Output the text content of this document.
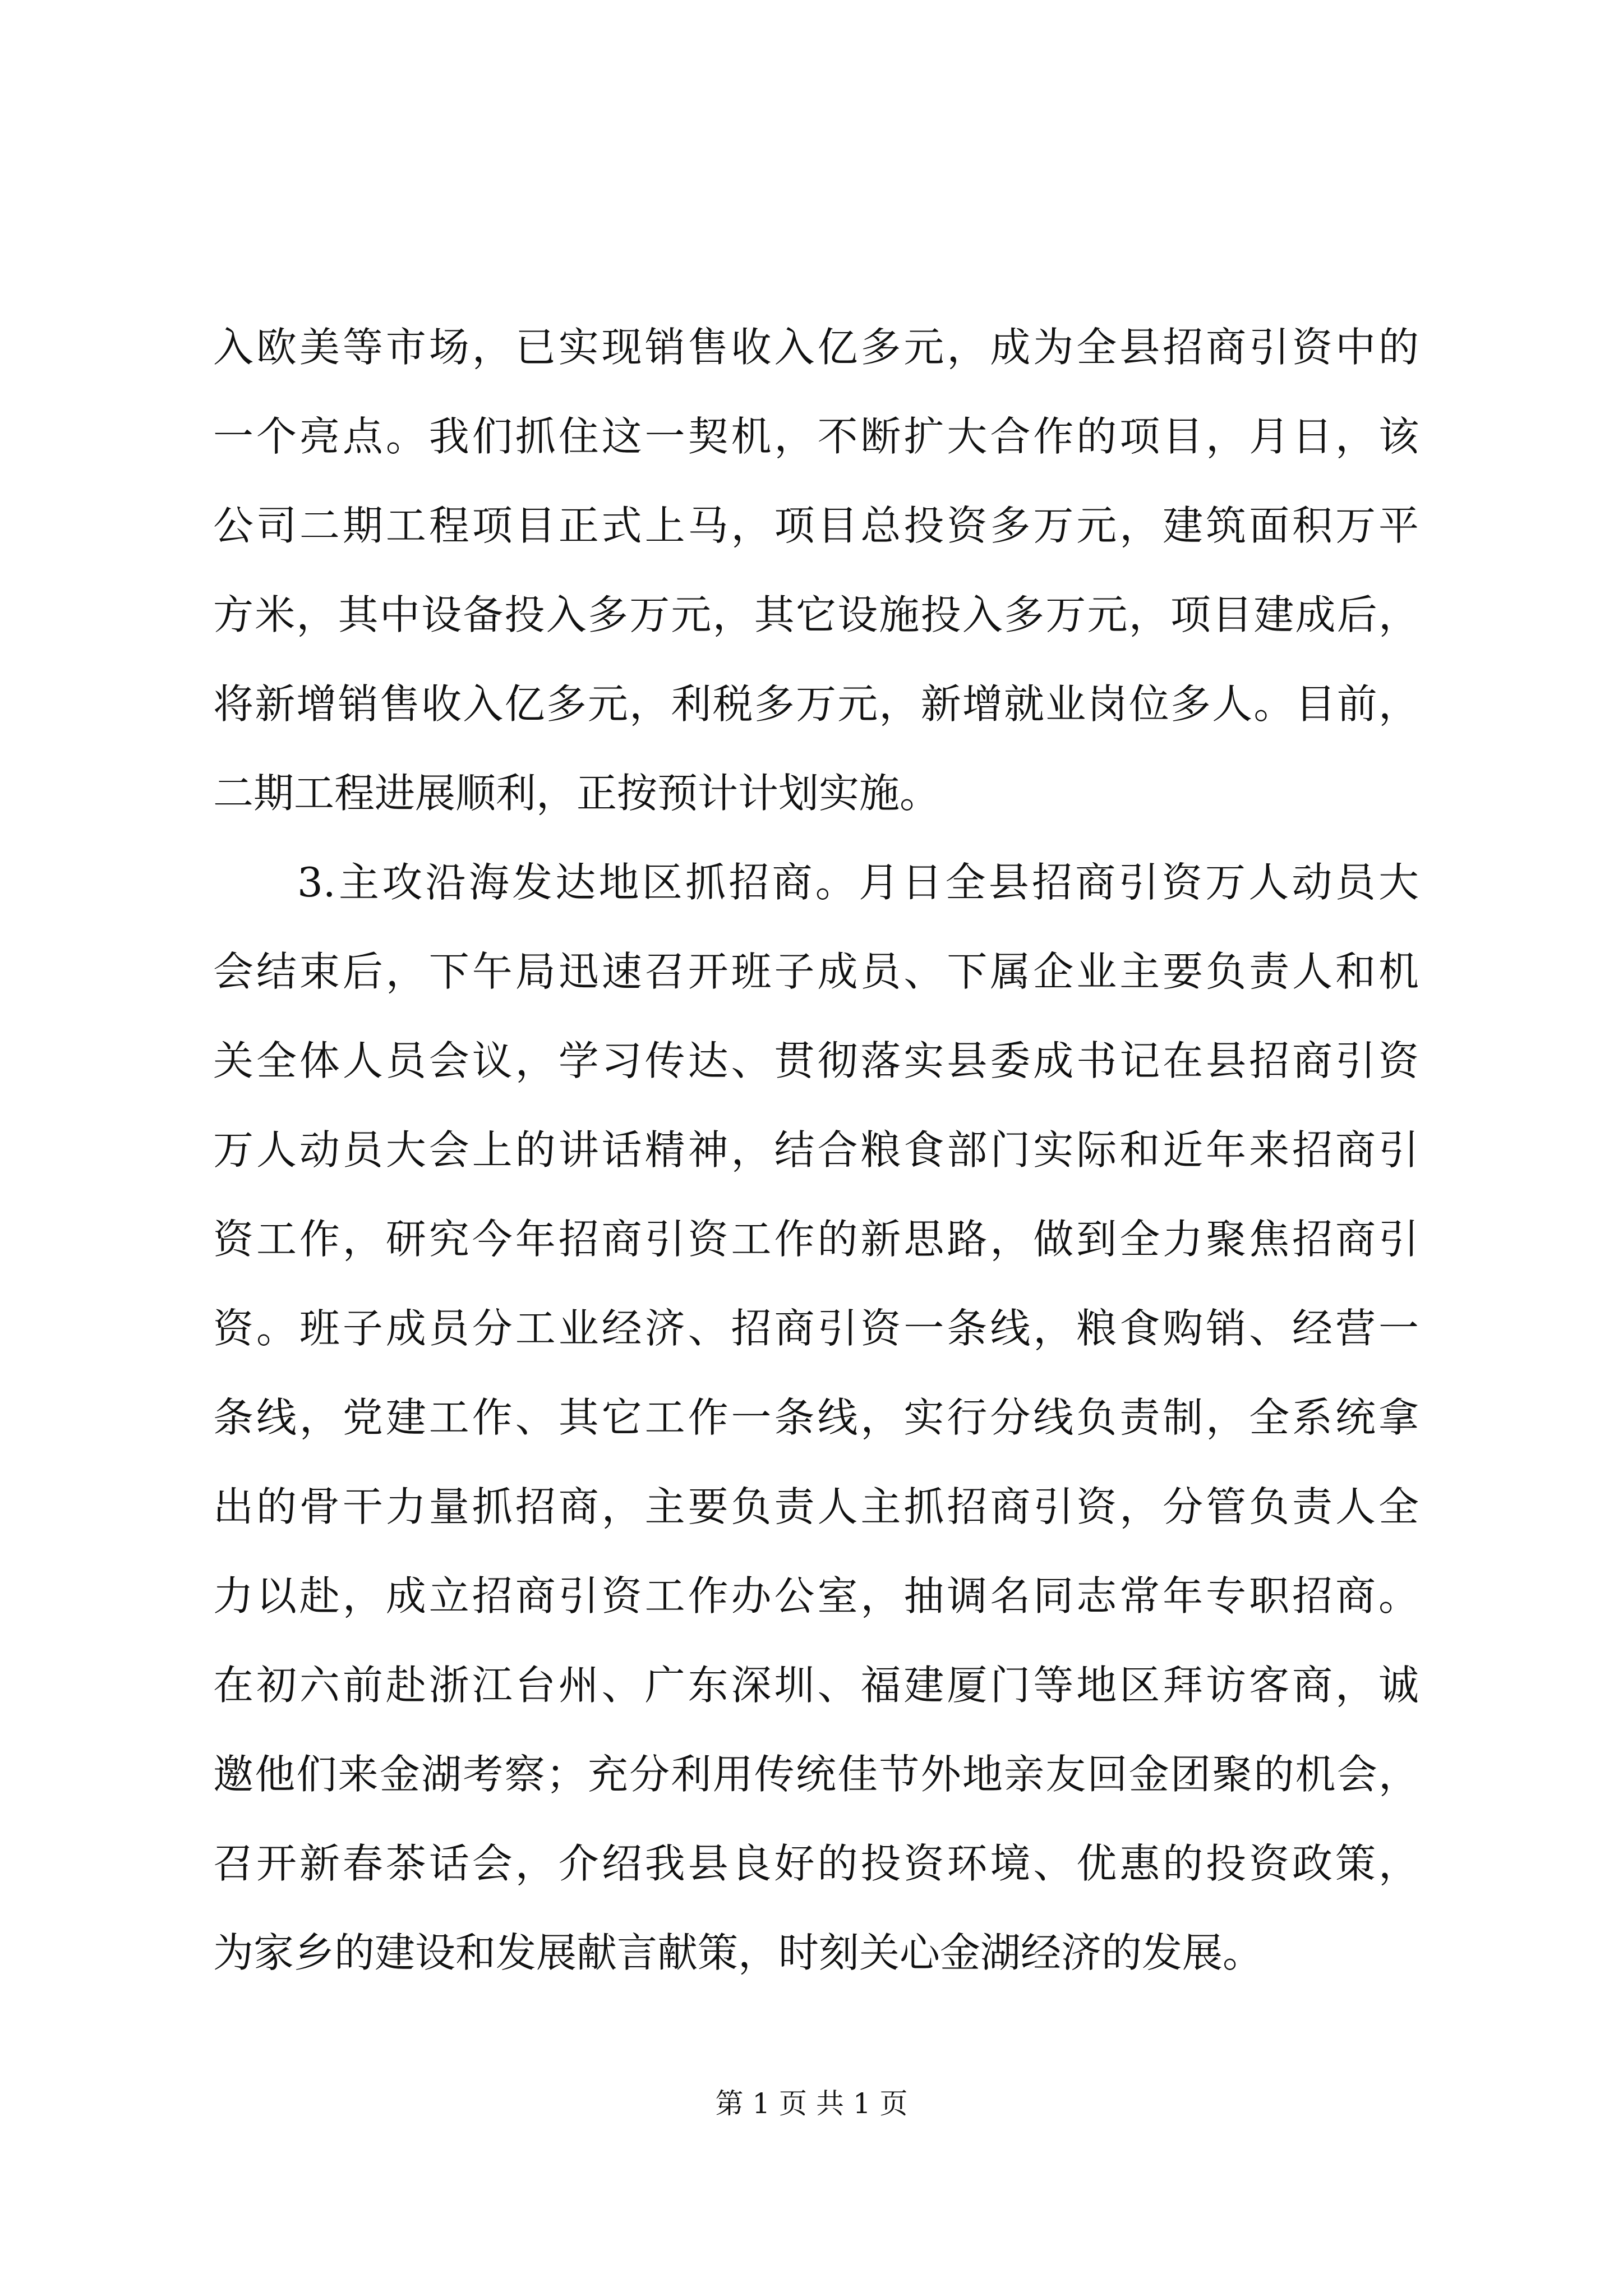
入欧美等市场，已实现销售收入亿多元，成为全县招商引资中的
一个亮点。我们抓住这一契机，不断扩大合作的项目，月日，该
公司二期工程项目正式上马，项目总投资多万元，建筑面积万平
方米，其中设备投入多万元，其它设施投入多万元，项目建成后，
将新增销售收入亿多元，利税多万元，新增就业岗位多人。目前，
二期工程进展顺利，正按预计计划实施。
3.主攻沿海发达地区抓招商。月日全县招商引资万人动员大
会结束后，下午局迅速召开班子成员、下属企业主要负责人和机
关全体人员会议，学习传达、贯彻落实县委成书记在县招商引资
万人动员大会上的讲话精神，结合粮食部门实际和近年来招商引
资工作，研究今年招商引资工作的新思路，做到全力聚焦招商引
资。班子成员分工业经济、招商引资一条线，粮食购销、经营一
条线，党建工作、其它工作一条线，实行分线负责制，全系统拿
出的骨干力量抓招商，主要负责人主抓招商引资，分管负责人全
力以赴，成立招商引资工作办公室，抽调名同志常年专职招商。
在初六前赴浙江台州、广东深圳、福建厦门等地区拜访客商，诚
邀他们来金湖考察；充分利用传统佳节外地亲友回金团聚的机会，
召开新春茶话会，介绍我县良好的投资环境、优惠的投资政策，
为家乡的建设和发展献言献策，时刻关心金湖经济的发展。
第 1 页 共 1 页
